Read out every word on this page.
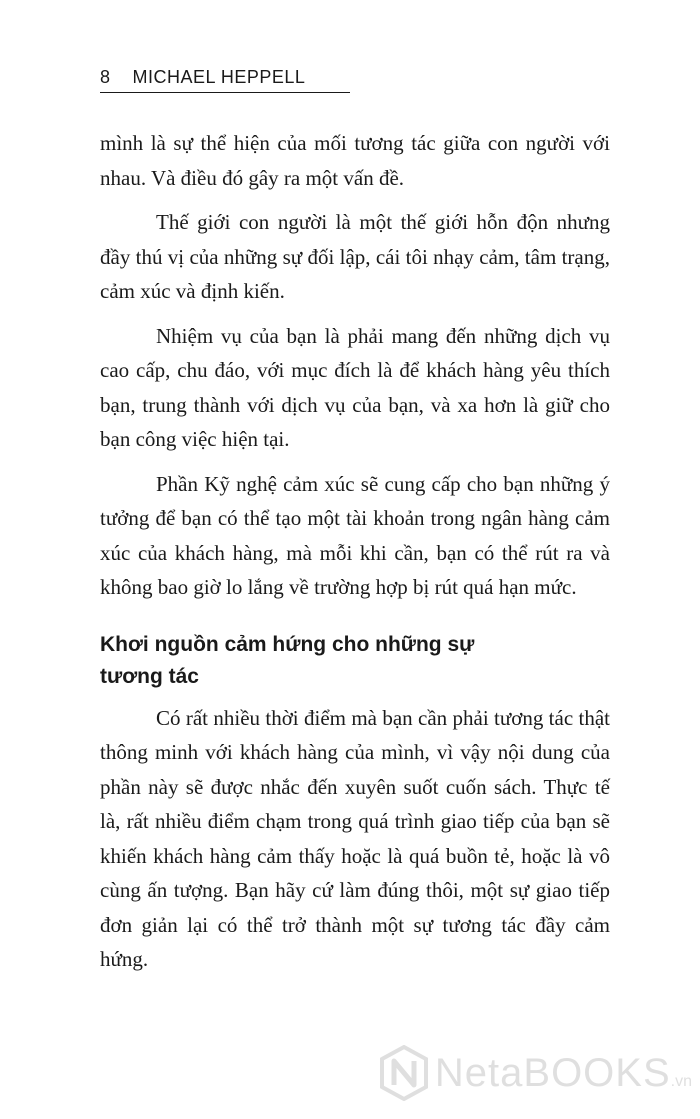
8 MICHAEL HEPPELL

mình là sự thể hiện của mối tương tác giữa con người với nhau. Và điều đó gây ra một vấn đề.

Thế giới con người là một thế giới hỗn độn nhưng đầy thú vị của những sự đối lập, cái tôi nhạy cảm, tâm trạng, cảm xúc và định kiến.

Nhiệm vụ của bạn là phải mang đến những dịch vụ cao cấp, chu đáo, với mục đích là để khách hàng yêu thích bạn, trung thành với dịch vụ của bạn, và xa hơn là giữ cho bạn công việc hiện tại.

Phần Kỹ nghệ cảm xúc sẽ cung cấp cho bạn những ý tưởng để bạn có thể tạo một tài khoản trong ngân hàng cảm xúc của khách hàng, mà mỗi khi cần, bạn có thể rút ra và không bao giờ lo lắng về trường hợp bị rút quá hạn mức.

Khơi nguồn cảm hứng cho những sự tương tác

Có rất nhiều thời điểm mà bạn cần phải tương tác thật thông minh với khách hàng của mình, vì vậy nội dung của phần này sẽ được nhắc đến xuyên suốt cuốn sách. Thực tế là, rất nhiều điểm chạm trong quá trình giao tiếp của bạn sẽ khiến khách hàng cảm thấy hoặc là quá buồn tẻ, hoặc là vô cùng ấn tượng. Bạn hãy cứ làm đúng thôi, một sự giao tiếp đơn giản lại có thể trở thành một sự tương tác đầy cảm hứng.

NetaBOOKS.vn
